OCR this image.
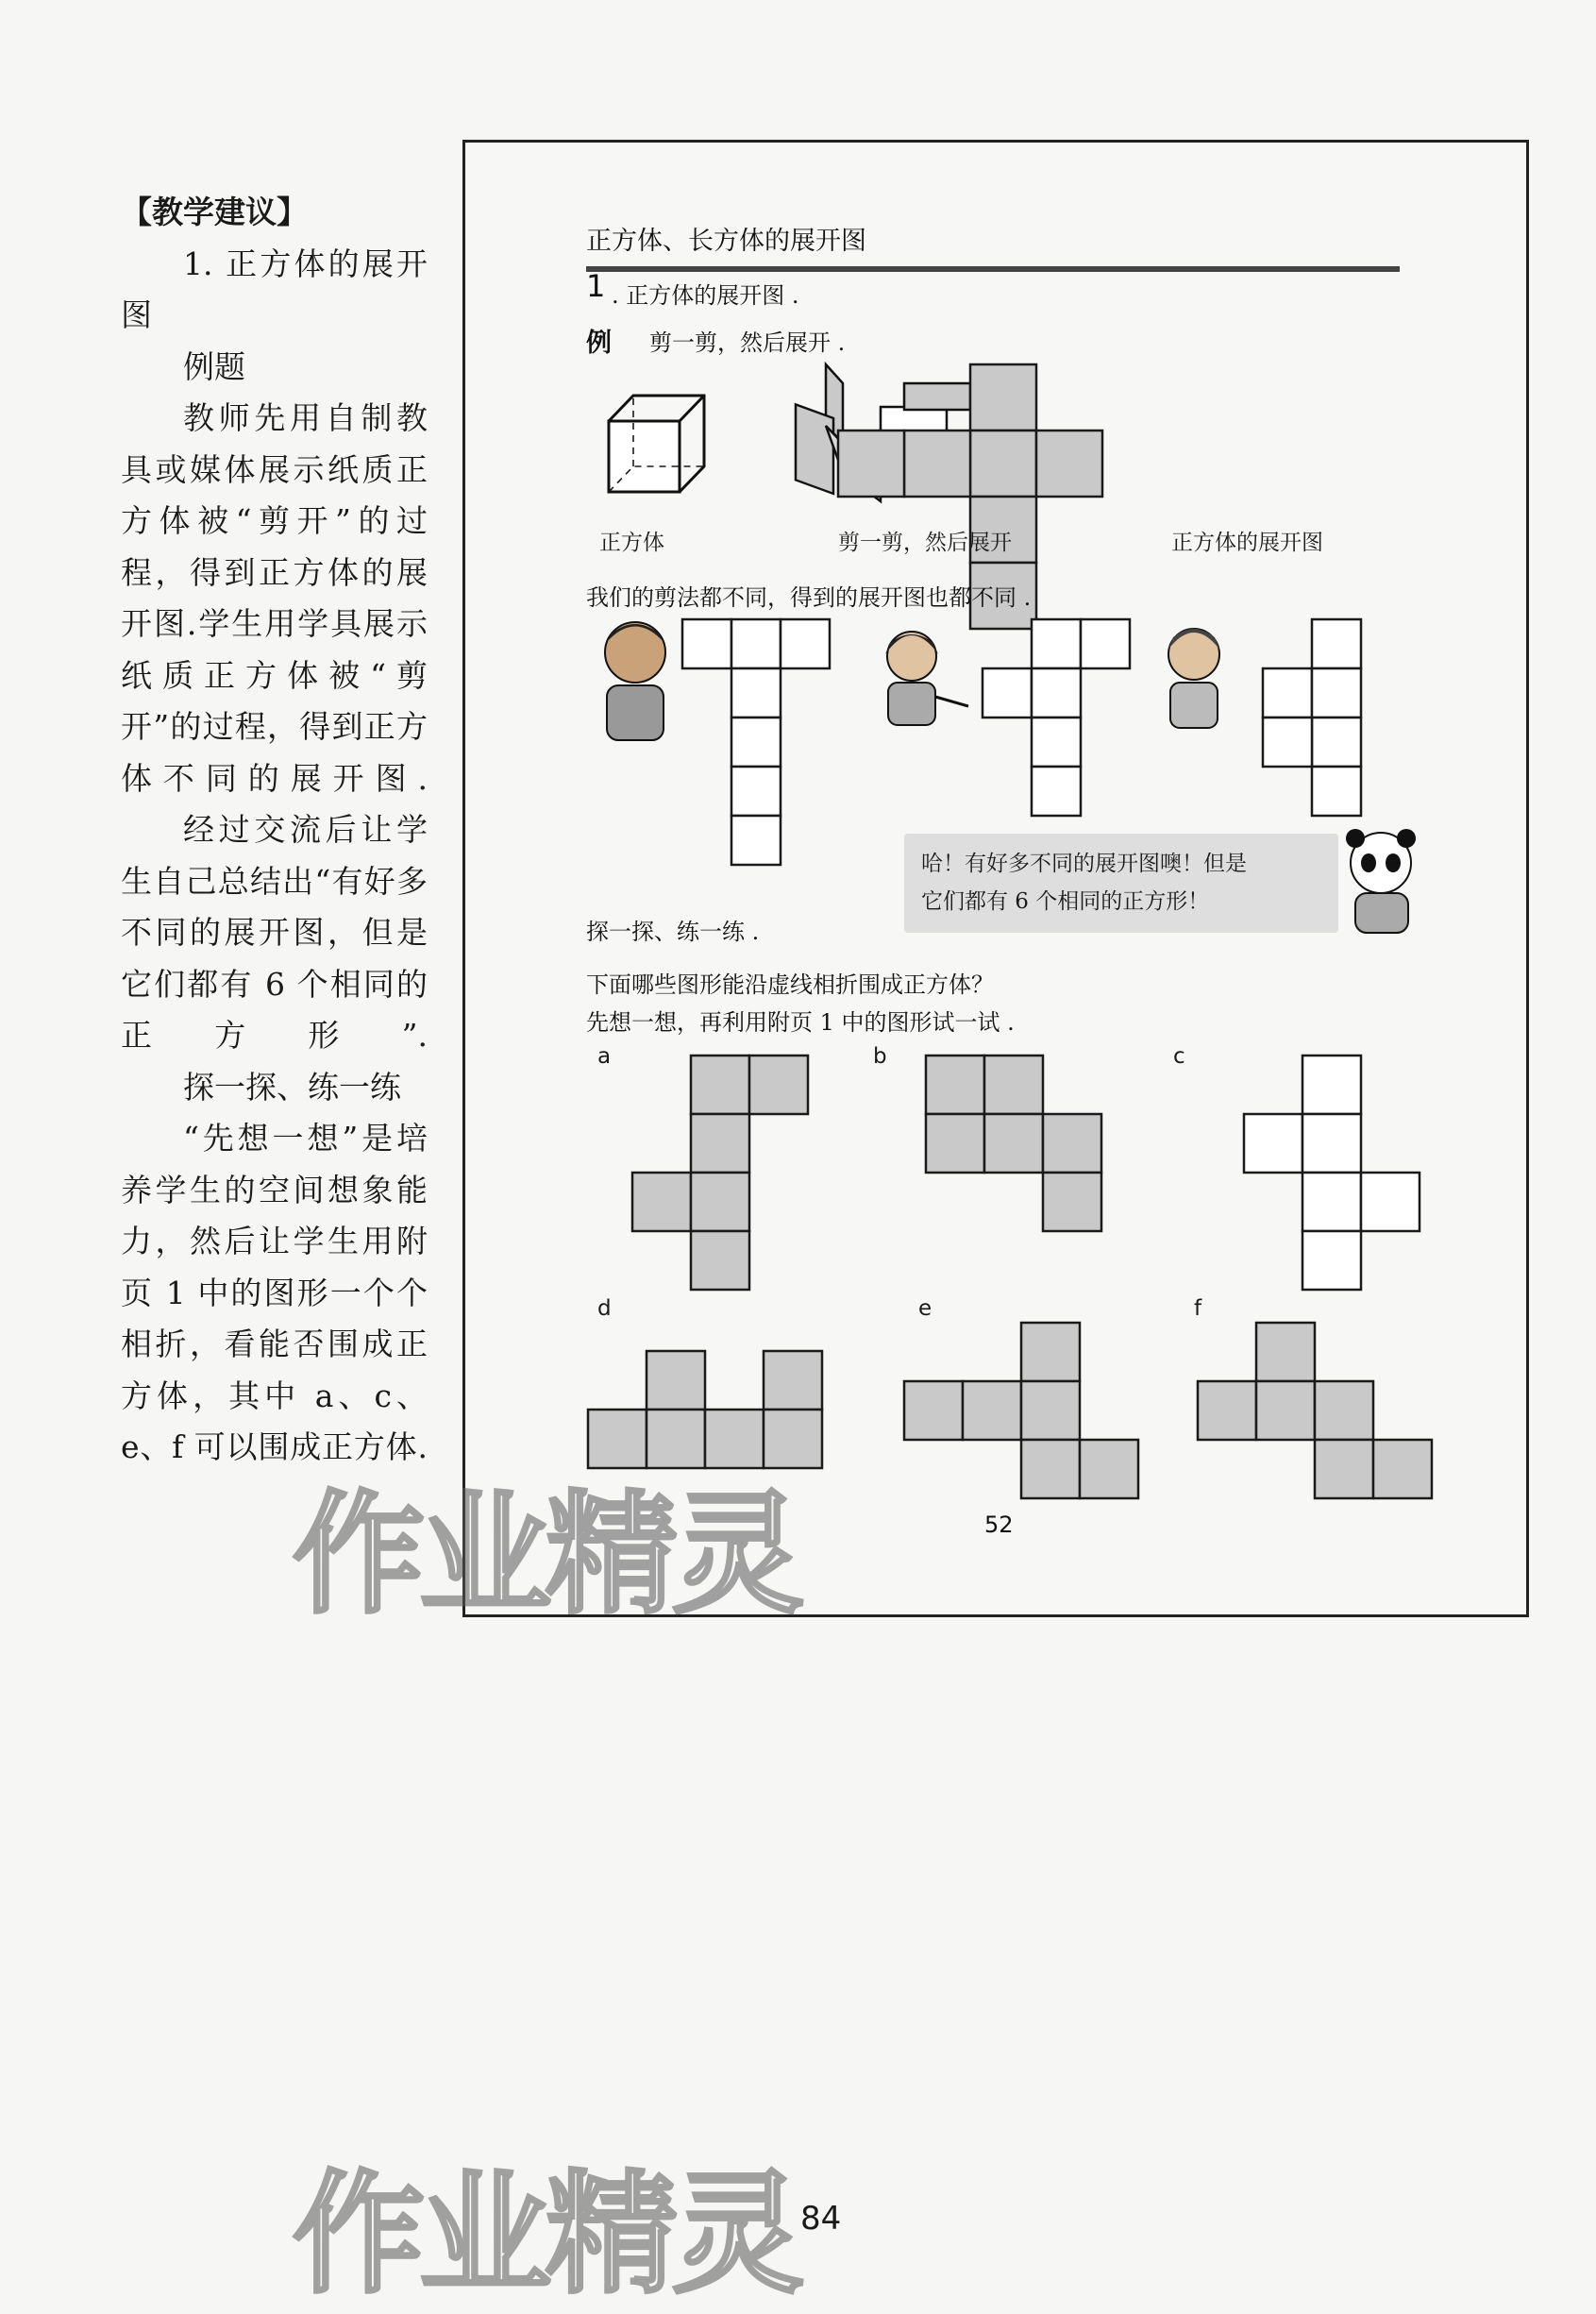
【教学建议】
1. 正方体的展开图
例题
教师先用自制教具或媒体展示纸质正方体被“剪开”的过程，得到正方体的展开图.学生用学具展示纸质正方体被“剪开”的过程，得到正方体不同的展开图.
经过交流后让学生自己总结出“有好多不同的展开图，但是它们都有 6 个相同的正方形”.
探一探、练一练
“先想一想”是培养学生的空间想象能力，然后让学生用附页 1 中的图形一个个相折，看能否围成正方体，其中 a、c、e、f 可以围成正方体.
正方体、长方体的展开图
1 . 正方体的展开图 .
例 剪一剪，然后展开 .
正方体	剪一剪，然后展开	正方体的展开图
我们的剪法都不同，得到的展开图也都不同 .
哈！有好多不同的展开图噢！但是
它们都有 6 个相同的正方形！
探一探、练一练 .
下面哪些图形能沿虚线相折围成正方体？
先想一想，再利用附页 1 中的图形试一试 .
a	b	c
d	e	f
52
84
作业精灵
作业精灵
